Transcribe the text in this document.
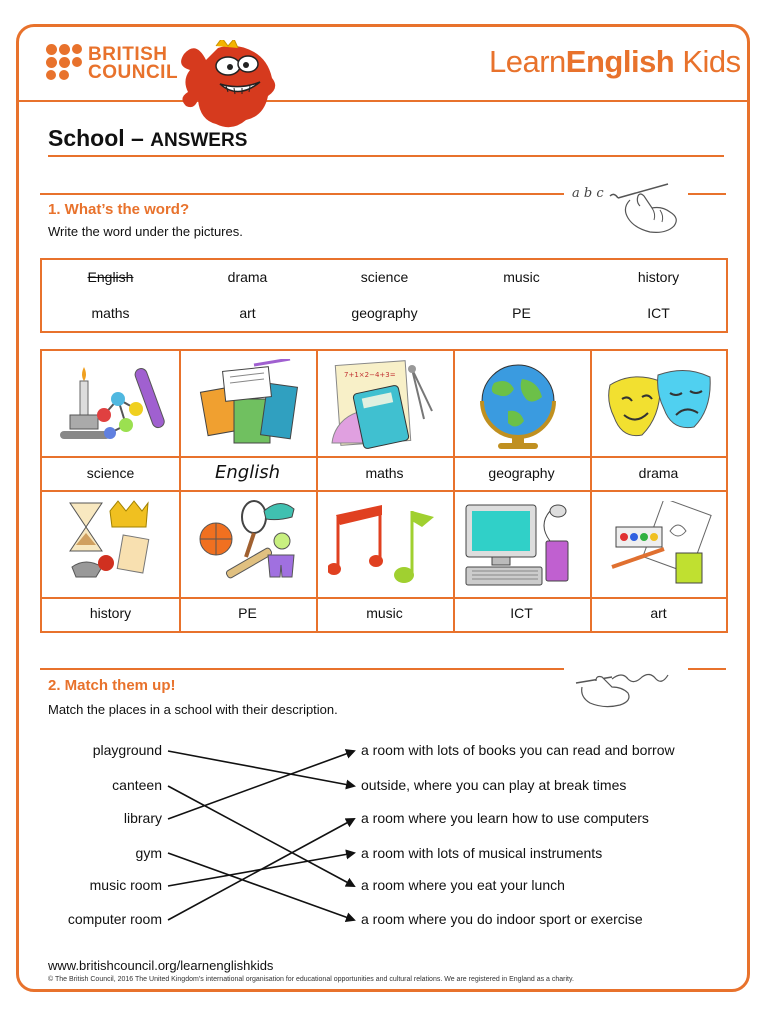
BRITISH
COUNCIL	LearnEnglish Kids
School – ANSWERS
a b c
1. What’s the word?
Write the word under the pictures.
English	drama	science	music	history
maths	art	geography	PE	ICT
7+1×2−4+3=
science	English	maths	geography	drama
history	PE	music	ICT	art
2. Match them up!
Match the places in a school with their description.
playground
canteen
library
gym
music room
computer room
a room with lots of books you can read and borrow
outside, where you can play at break times
a room where you learn how to use computers
a room with lots of musical instruments
a room where you eat your lunch
a room where you do indoor sport or exercise
www.britishcouncil.org/learnenglishkids
© The British Council, 2016 The United Kingdom’s international organisation for educational opportunities and cultural relations. We are registered in England as a charity.
